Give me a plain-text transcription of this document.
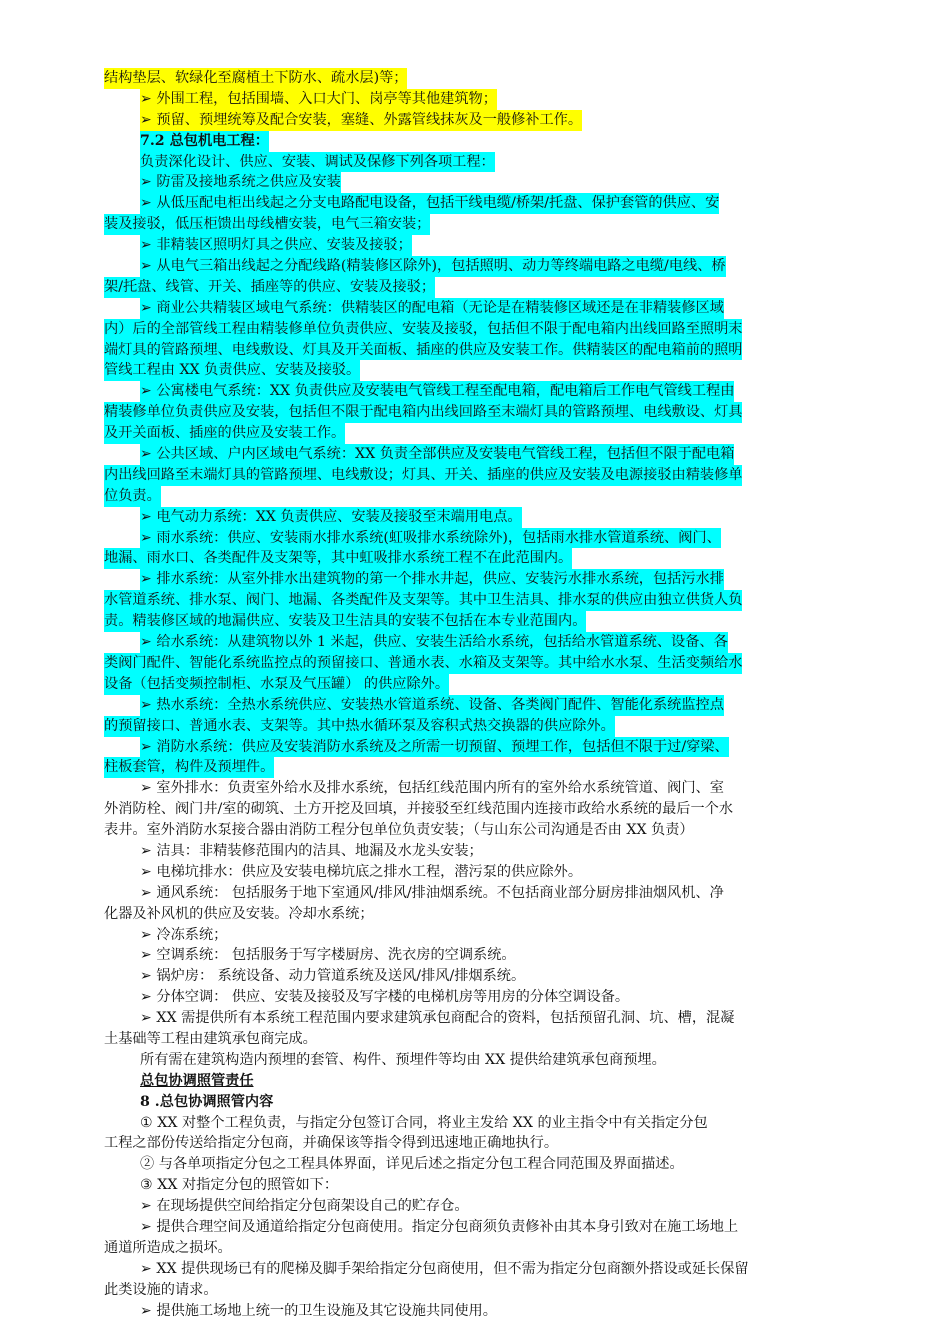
结构垫层、软绿化至腐植土下防水、疏水层)等；
➢ 外围工程，包括围墙、入口大门、岗亭等其他建筑物；
➢ 预留、预埋统筹及配合安装，塞缝、外露管线抹灰及一般修补工作。
7.2 总包机电工程：
负责深化设计、供应、安装、调试及保修下列各项工程：
➢ 防雷及接地系统之供应及安装
➢ 从低压配电柜出线起之分支电路配电设备，包括干线电缆/桥架/托盘、保护套管的供应、安
装及接驳，低压柜馈出母线槽安装，电气三箱安装；
➢ 非精装区照明灯具之供应、安装及接驳；
➢ 从电气三箱出线起之分配线路(精装修区除外)，包括照明、动力等终端电路之电缆/电线、桥
架/托盘、线管、开关、插座等的供应、安装及接驳；
➢ 商业公共精装区域电气系统：供精装区的配电箱（无论是在精装修区域还是在非精装修区域
内）后的全部管线工程由精装修单位负责供应、安装及接驳，包括但不限于配电箱内出线回路至照明末
端灯具的管路预埋、电线敷设、灯具及开关面板、插座的供应及安装工作。供精装区的配电箱前的照明
管线工程由 XX 负责供应、安装及接驳。
➢ 公寓楼电气系统：XX 负责供应及安装电气管线工程至配电箱，配电箱后工作电气管线工程由
精装修单位负责供应及安装，包括但不限于配电箱内出线回路至末端灯具的管路预埋、电线敷设、灯具
及开关面板、插座的供应及安装工作。
➢ 公共区域、户内区域电气系统：XX 负责全部供应及安装电气管线工程，包括但不限于配电箱
内出线回路至末端灯具的管路预埋、电线敷设；灯具、开关、插座的供应及安装及电源接驳由精装修单
位负责。
➢ 电气动力系统：XX 负责供应、安装及接驳至末端用电点。
➢ 雨水系统：供应、安装雨水排水系统(虹吸排水系统除外)，包括雨水排水管道系统、阀门、
地漏、雨水口、各类配件及支架等，其中虹吸排水系统工程不在此范围内。
➢ 排水系统：从室外排水出建筑物的第一个排水井起，供应、安装污水排水系统，包括污水排
水管道系统、排水泵、阀门、地漏、各类配件及支架等。其中卫生洁具、排水泵的供应由独立供货人负
责。精装修区域的地漏供应、安装及卫生洁具的安装不包括在本专业范围内。
➢ 给水系统：从建筑物以外 1 米起，供应、安装生活给水系统，包括给水管道系统、设备、各
类阀门配件、智能化系统监控点的预留接口、普通水表、水箱及支架等。其中给水水泵、生活变频给水
设备（包括变频控制柜、水泵及气压罐） 的供应除外。
➢ 热水系统：全热水系统供应、安装热水管道系统、设备、各类阀门配件、智能化系统监控点
的预留接口、普通水表、支架等。其中热水循环泵及容积式热交换器的供应除外。
➢ 消防水系统：供应及安装消防水系统及之所需一切预留、预埋工作，包括但不限于过/穿梁、
柱板套管，构件及预埋件。
➢ 室外排水：负责室外给水及排水系统，包括红线范围内所有的室外给水系统管道、阀门、室
外消防栓、阀门井/室的砌筑、土方开挖及回填，并接驳至红线范围内连接市政给水系统的最后一个水
表井。室外消防水泵接合器由消防工程分包单位负责安装；（与山东公司沟通是否由 XX 负责）
➢ 洁具：非精装修范围内的洁具、地漏及水龙头安装；
➢ 电梯坑排水：供应及安装电梯坑底之排水工程，潜污泵的供应除外。
➢ 通风系统： 包括服务于地下室通风/排风/排油烟系统。不包括商业部分厨房排油烟风机、净
化器及补风机的供应及安装。冷却水系统；
➢ 冷冻系统；
➢ 空调系统： 包括服务于写字楼厨房、洗衣房的空调系统。
➢ 锅炉房： 系统设备、动力管道系统及送风/排风/排烟系统。
➢ 分体空调： 供应、安装及接驳及写字楼的电梯机房等用房的分体空调设备。
➢ XX 需提供所有本系统工程范围内要求建筑承包商配合的资料，包括预留孔洞、坑、槽，混凝
土基础等工程由建筑承包商完成。
所有需在建筑构造内预埋的套管、构件、预埋件等均由 XX 提供给建筑承包商预埋。
总包协调照管责任
8 .总包协调照管内容
① XX 对整个工程负责，与指定分包签订合同，将业主发给 XX 的业主指令中有关指定分包
工程之部份传送给指定分包商，并确保该等指令得到迅速地正确地执行。
② 与各单项指定分包之工程具体界面，详见后述之指定分包工程合同范围及界面描述。
③ XX 对指定分包的照管如下：
➢ 在现场提供空间给指定分包商架设自己的贮存仓。
➢ 提供合理空间及通道给指定分包商使用。指定分包商须负责修补由其本身引致对在施工场地上
通道所造成之损坏。
➢ XX 提供现场已有的爬梯及脚手架给指定分包商使用，但不需为指定分包商额外搭设或延长保留
此类设施的请求。
➢ 提供施工场地上统一的卫生设施及其它设施共同使用。
